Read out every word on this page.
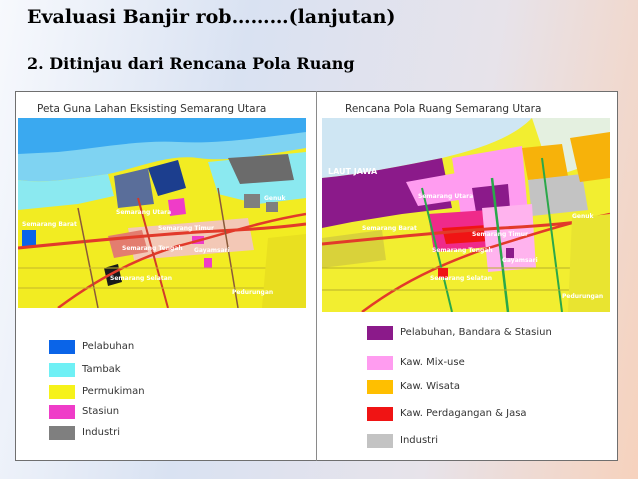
Evaluasi Banjir rob………(lanjutan)
2. Ditinjau dari Rencana Pola Ruang
Peta Guna Lahan Eksisting Semarang Utara	Rencana Pola Ruang Semarang Utara
Semarang Utara
Semarang Barat
Semarang Timur
Semarang Tengah Gayamsari
Semarang Selatan
Genuk
Pedurungan
LAUT JAWA
Semarang Utara
Semarang Barat
Semarang Timur
Semarang Tengah
Gayamsari
Semarang Selatan
Genuk
Pedurungan
Pelabuhan
Tambak
Permukiman
Stasiun
Industri
Pelabuhan, Bandara & Stasiun
Kaw. Mix-use
Kaw. Wisata
Kaw. Perdagangan & Jasa
Industri
